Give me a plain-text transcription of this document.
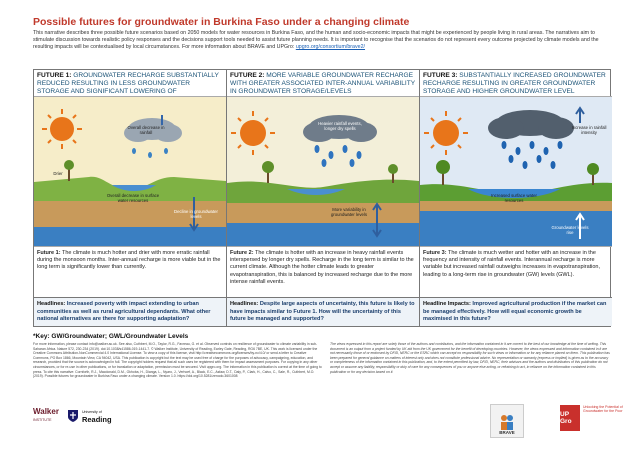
Possible futures for groundwater in Burkina Faso under a changing climate
This narrative describes three possible future scenarios based on 2050 models for water resources in Burkina Faso, and the human and socio-economic impacts that might be experienced by people living in rural areas. The narratives aim to stimulate discussion towards realistic policy responses and the decisions support tools needed to assist future planning needs. It is important to recognise that the scenarios do not represent every outcome projected by climate models and the resulting impacts will be contextualised by local circumstances. For more information about BRAVE and UPGro: upgro.org/consortium/brave2/
FUTURE 1: GROUNDWATER RECHARGE SUBSTANTIALLY REDUCED RESULTING IN LESS GROUNDWATER STORAGE AND SIGNIFICANT LOWERING OF
Overall decrease in rainfall
Drier
Overall decrease in surface water resources
Decline in groundwater levels
Future 1: The climate is much hotter and drier with more erratic rainfall during the monsoon months. Inter-annual recharge is more viable but in the long term is significantly lower than currently.
Headlines: Increased poverty with impact extending to urban communities as well as rural agricultural dependants. What other national alternatives are there for supporting adaptation?
FUTURE 2: MORE VARIABLE GROUNDWATER RECHARGE WITH GREATER ASSOCIATED INTER-ANNUAL VARIABILITY IN GROUNDWATER STORAGE/LEVELS
Heavier rainfall events, longer dry spells
More variability in groundwater levels
Future 2: The climate is hotter with an increase in heavy rainfall events interspersed by longer dry spells. Recharge in the long term is similar to the current climate. Although the hotter climate leads to greater evapotranspiration, this is balanced by increased recharge due to the more intense rainfall events.
Headlines: Despite large aspects of uncertainty, this future is likely to have impacts similar to Future 1. How will the uncertainty of this future be managed and supported?
FUTURE 3: SUBSTANTIALLY INCREASED GROUNDWATER RECHARGE RESULTING IN GREATER GROUNDWATER STORAGE AND HIGHER GROUNDWATER LEVEL
Increase in rainfall intensity
Increased surface water resources
Groundwater levels rise
Future 3: The climate is much wetter and hotter with an increase in the frequency and intensity of rainfall events. Interannual recharge is more variable but increased rainfall outweighs increases in evapotranspiration, leading to a long-term rise in groundwater (GW) levels (GWL).
Headline Impacts: Improved agricultural production if the market can be managed effectively. How will equal economic growth be maximised in this future?
*Key: GW/Groundwater; GWL/Groundwater Levels
For more information, please contact info@walker.ac.uk. See also, Cuthbert, M.O., Taylor, R.G., Favreau, G. et al. Observed controls on resilience of groundwater to climate variability in sub-Saharan Africa. Nature 572, 230-234 (2019). doi:10.1038/s41586-019-1441-7. © Walker Institute, University of Reading, Earley Gate, Reading, RG6 7BE, UK. This work is licensed under the Creative Commons Attribution-NonCommercial 4.0 International License. To view a copy of this license, visit http://creativecommons.org/licenses/by-nc/4.0/ or send a letter to Creative Commons, PO Box 1866, Mountain View, CA 94042, USA. This publication is copyright but the text may be used free of charge for the purposes of advocacy, campaigning, education, and research, provided that the source is acknowledged in full. The copyright holders request that all such uses be registered with them for impact assessment purposes. For copying in any other circumstances, or for re-use in other publications, or for translation or adaptation, permission must be secured. Visit upgro.org. The information in this publication is correct at the time of going to press. To cite this narrative: Cornforth, R.J., Macdonald, D.M., Okhoba, H., Dianga, L., Nyaro, J., Verhoef, A., Black, E.C., Asfaw, D.T., Daly, P., Clark, H., Calvo, C., Sale, R., Cuthbert, M.O. (2019). Possible futures for groundwater in Burkina Faso under a changing climate. Version 1.0. https://doi.org/10.5281/zenodo.3601008
The views expressed in this report are solely those of the authors and contributors, and the information contained in it are correct to the best of our knowledge at the time of writing. This document is an output from a project funded by UK aid from the UK government for the benefit of developing countries. However, the views expressed and information contained in it are not necessarily those of or endorsed by DFID, NERC or the ESRC which can accept no responsibility for such views or information or for any reliance placed on them. This publication has been prepared for general guidance on matters of interest only and does not constitute professional advice. No representation or warranty (express or implied) is given as to the accuracy or completeness of the information contained in this publication, and, to the extent permitted by law, DFID, NERC, their advisors and the authors and distributors of this publication do not accept or assume any liability, responsibility or duty of care for any consequences of you or anyone else acting, or refraining to act, in reliance on the information contained in this publication or for any decision based on it.
Walker
INSTITUTE
University of
Reading
BRAVE
UP Gro
Unlocking the Potential of Groundwater for the Poor
